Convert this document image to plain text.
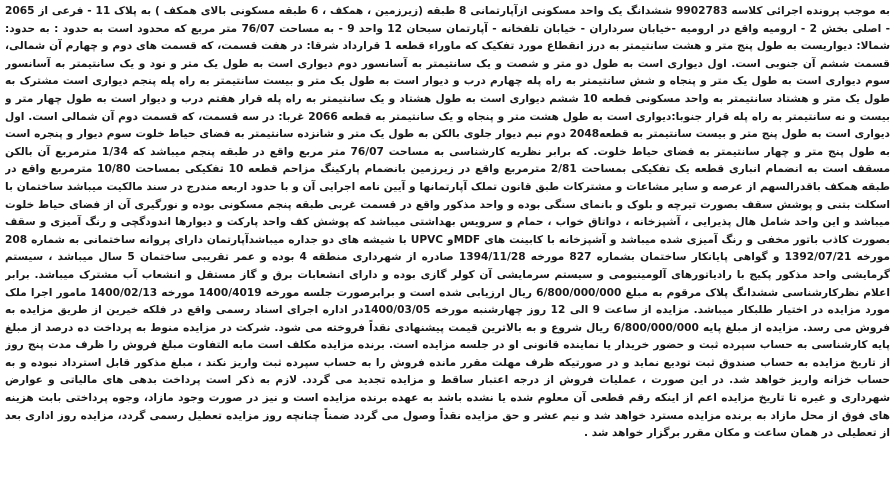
به موجب پرونده اجرائی کلاسه 9902783 ششدانگ یک واحد مسکونی ازآپارتمانی 8 طبقه (زیرزمین ، همکف ، 6 طبقه مسکونی بالای همکف ) به پلاک 11 - فرعی از 2065 - اصلی بخش 2 - ارومیه واقع در ارومیه -خیابان سرداران - خیابان تلفخانه - آپارتمان سبحان 12 واحد 9 - به مساحت 76/07 متر مربع که محدود است به حدود : به حدود: شمالا: دیواریست به طول پنج متر و هشت سانتیمتر به درز انقطاع مورد تفکیک که ماوراء قطعه 1 قرارداد شرقا: در هفت قسمت، که قسمت های دوم و چهارم آن شمالی، قسمت ششم آن جنوبی است. اول دیواری است به طول دو متر و شصت و یک سانتیمتر به آسانسور دوم دیواری است به طول یک متر و نود و یک سانتیمتر به آسانسور سوم دیواری است به طول یک متر و پنجاه و شش سانتیمتر به راه پله چهارم درب و دیوار است به طول یک متر و بیست سانتیمتر به راه پله پنجم دیواری است مشترک به طول یک متر و هشتاد سانتیمتر به واحد مسکونی قطعه 10 ششم دیواری است به طول هشتاد و یک سانتیمتر به راه پله قرار هفتم درب و دیوار است به طول چهار متر و بیست و نه سانتیمتر به راه پله قرار جنوبا:دیواری است به طول هشت متر و پنجاه و یک سانتیمتر به قطعه 2066 غربا: در سه قسمت، که قسمت دوم آن شمالی است. اول دیواری است به طول پنج متر و بیست سانتیمتر به قطعه2048 دوم نیم دیوار جلوی بالکن به طول یک متر و شانزده سانتیمتر به فضای حیاط خلوت سوم دیوار و پنجره است به طول پنج متر و چهار سانتیمتر به فضای حیاط خلوت. که برابر نظریه کارشناسی به مساحت 76/07 متر مربع واقع در طبقه پنجم میباشد که 1/34 مترمربع آن بالکن مسقف است به انضمام انباری قطعه یک تفکیکی بمساحت 2/81 مترمربع واقع در زیرزمین بانضمام پارکینگ مزاحم قطعه 10 تفکیکی بمساحت 10/80 مترمربع واقع در طبقه همکف باقدرالسهم از عرصه و سایر مشاعات و مشترکات طبق قانون تملک آپارتمانها و آیین نامه اجرایی آن و با حدود اربعه مندرج در سند مالکیت میباشد ساختمان با اسکلت بتنی و پوشش سقف بصورت تیرچه و بلوک و بانمای سنگی بوده و واحد مذکور واقع در قسمت غربی طبقه پنجم مسکونی بوده و نورگیری آن از فضای حیاط خلوت میباشد و این واحد شامل هال پذیرایی ، آشپزخانه ، دواتاق خواب ، حمام و سرویس بهداشتی میباشد که پوشش کف واحد پارکت و دیوارها اندودگچی و رنگ آمیزی و سقف بصورت کاذب باتور مخفی و رنگ آمیزی شده میباشد و آشپزخانه با کابینت های MDFو UPVC با شیشه های دو جداره میباشد‌آپارتمان دارای پروانه ساختمانی به شماره 208 مورخه 1392/07/21 و گواهی پایانکار ساختمان بشماره 827 مورخه 1394/11/28 صادره از شهرداری منطقه 4 بوده و عمر تقریبی ساختمان 5 سال میباشد ، سیستم گرمایشی واحد مذکور پکیج با رادیاتورهای آلومینیومی و سیستم سرمایشی آن کولر گازی بوده و دارای انشعابات برق و گاز مستقل و انشعاب آب مشترک میباشد. برابر اعلام نظرکارشناسی ششدانگ پلاک مرقوم به مبلغ 6/800/000/000 ریال ارزیابی شده است و برابرصورت جلسه مورخه 1400/4019 مورخه 1400/02/13 مامور اجرا ملک مورد مزایده در اختیار طلبکار میباشد. مزایده از ساعت 9 الی 12 روز چهارشنبه مورخه 1400/03/05در اداره اجرای اسناد رسمی واقع در فلکه خیرین از طریق مزایده به فروش می رسد. مزایده از مبلغ پایه 6/800/000/000 ریال شروع و به بالاترین قیمت پیشنهادی نقداً فروخته می شود. شرکت در مزایده منوط به پرداخت ده درصد از مبلغ پایه کارشناسی به حساب سپرده ثبت و حضور خریدار یا نماینده قانونی او در جلسه مزایده است. برنده مزایده مکلف است مابه التفاوت مبلغ فروش را ظرف مدت پنج روز از تاریخ مزایده به حساب صندوق ثبت تودیع نماید و در صورتیکه ظرف مهلت مقرر مانده فروش را به حساب سپرده ثبت واریز نکند ، مبلغ مذکور قابل استرداد نبوده و به حساب خزانه واریز خواهد شد. در این صورت ، عملیات فروش از درجه اعتبار ساقط و مزایده تجدید می گردد. لازم به ذکر است پرداخت بدهی های مالیاتی و عوارض شهرداری و غیره تا تاریخ مزایده اعم از اینکه رقم قطعی آن معلوم شده یا نشده باشد به عهده برنده مزایده است و نیز در صورت وجود مازاد، وجوه پرداختی بابت هزینه های فوق از محل مازاد به برنده مزایده مسترد خواهد شد و نیم عشر و حق مزایده نقداً وصول می گردد ضمناً چنانچه روز مزایده تعطیل رسمی گردد، مزایده روز اداری بعد از تعطیلی در همان ساعت و مکان مقرر برگزار خواهد شد .
